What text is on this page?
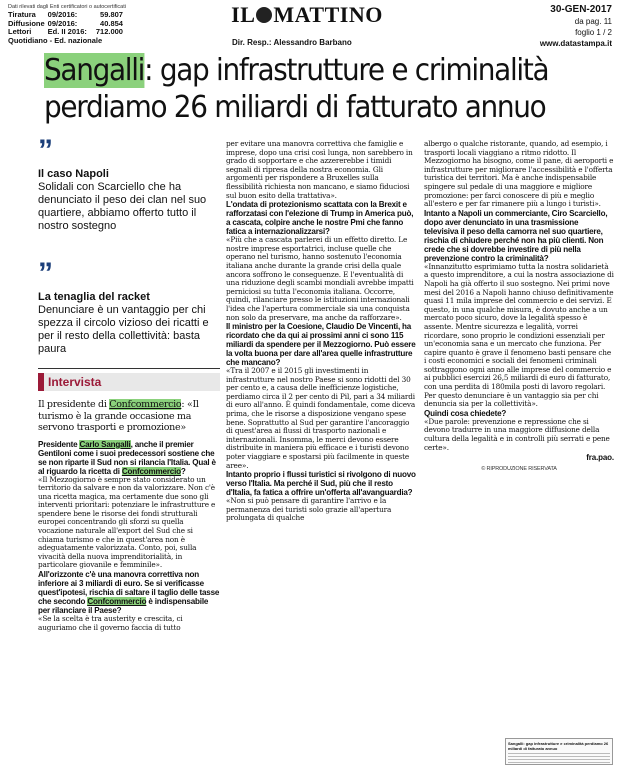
Dati rilevati dagli Enti certificatori o autocertificati
Tiratura	09/2016:	59.807
Diffusione	09/2016:	40.854
Lettori	Ed. II 2016:	712.000
Quotidiano - Ed. nazionale		
IL MATTINO
Dir. Resp.: Alessandro Barbano
30-GEN-2017
da pag. 11
foglio 1 / 2
www.datastampa.it
Sangalli: gap infrastrutture e criminalità
perdiamo 26 miliardi di fatturato annuo
”
Il caso Napoli
Solidali con Scarciello che ha denunciato il peso dei clan nel suo quartiere, abbiamo offerto tutto il nostro sostegno
”
La tenaglia del racket
Denunciare è un vantaggio per chi spezza il circolo vizioso dei ricatti e per il resto della collettività: basta paura
Intervista
Il presidente di Confcommercio: «Il turismo è la grande occasione ma servono trasporti e promozione»

Presidente Carlo Sangalli, anche il premier Gentiloni come i suoi predecessori sostiene che se non riparte il Sud non si rilancia l'Italia. Qual è al riguardo la ricetta di Confcommercio?

«Il Mezzogiorno è sempre stato considerato un territorio da salvare e non da valorizzare. Non c'è una ricetta magica, ma certamente due sono gli interventi prioritari: potenziare le infrastrutture e spendere bene le risorse dei fondi strutturali europei concentrando gli sforzi su quella vocazione naturale all'export del Sud che si chiama turismo e che in quest'area non è adeguatamente valorizzata. Conto, poi, sulla vivacità della nuova imprenditorialità, in particolare giovanile e femminile».

All'orizzonte c'è una manovra correttiva non inferiore ai 3 miliardi di euro. Se si verificasse quest'ipotesi, rischia di saltare il taglio delle tasse che secondo Confcommercio è indispensabile per rilanciare il Paese?

«Se la scelta è tra austerity e crescita, ci auguriamo che il governo faccia di tutto

per evitare una manovra correttiva che famiglie e imprese, dopo una crisi così lunga, non sarebbero in grado di sopportare e che azzererebbe i timidi segnali di ripresa della nostra economia. Gli argomenti per rispondere a Bruxelles sulla flessibilità richiesta non mancano, e siamo fiduciosi sul buon esito della trattativa».

L'ondata di protezionismo scattata con la Brexit e rafforzatasi con l'elezione di Trump in America può, a cascata, colpire anche le nostre Pmi che fanno fatica a internazionalizzarsi?

«Più che a cascata parlerei di un effetto diretto. Le nostre imprese esportatrici, incluse quelle che operano nel turismo, hanno sostenuto l'economia italiana anche durante la grande crisi della quale ancora soffrono le conseguenze. E l'eventualità di una riduzione degli scambi mondiali avrebbe impatti perniciosi su tutta l'economia italiana. Occorre, quindi, rilanciare presso le istituzioni internazionali l'idea che l'apertura commerciale sia una conquista non solo da preservare, ma anche da rafforzare».

Il ministro per la Coesione, Claudio De Vincenti, ha ricordato che da qui ai prossimi anni ci sono 115 miliardi da spendere per il Mezzogiorno. Può essere la volta buona per dare all'area quelle infrastrutture che mancano?

«Tra il 2007 e il 2015 gli investimenti in infrastrutture nel nostro Paese si sono ridotti del 30 per cento e, a causa delle inefficienze logistiche, perdiamo circa il 2 per cento di Pil, pari a 34 miliardi di euro all'anno. È quindi fondamentale, come diceva prima, che le risorse a disposizione vengano spese bene. Soprattutto al Sud per garantire l'ancoraggio di quest'area ai flussi di trasporto nazionali e internazionali. Insomma, le merci devono essere distribuite in maniera più efficace e i turisti devono poter viaggiare e spostarsi più facilmente in queste aree».

Intanto proprio i flussi turistici si rivolgono di nuovo verso l'Italia. Ma perché il Sud, più che il resto d'Italia, fa fatica a offrire un'offerta all'avanguardia?

«Non si può pensare di garantire l'arrivo e la permanenza dei turisti solo grazie all'apertura prolungata di qualche

albergo o qualche ristorante, quando, ad esempio, i trasporti locali viaggiano a ritmo ridotto. Il Mezzogiorno ha bisogno, come il pane, di aeroporti e infrastrutture per migliorare l'accessibilità e l'offerta turistica dei territori. Ma è anche indispensabile spingere sul pedale di una maggiore e migliore promozione: per farci conoscere di più e meglio all'estero e per far rimanere più a lungo i turisti».

Intanto a Napoli un commerciante, Ciro Scarciello, dopo aver denunciato in una trasmissione televisiva il peso della camorra nel suo quartiere, rischia di chiudere perché non ha più clienti. Non crede che si dovrebbe investire di più nella prevenzione contro la criminalità?

«Innanzitutto esprimiamo tutta la nostra solidarietà a questo imprenditore, a cui la nostra associazione di Napoli ha già offerto il suo sostegno. Nei primi nove mesi del 2016 a Napoli hanno chiuso definitivamente quasi 11 mila imprese del commercio e dei servizi. E questo, in una qualche misura, è dovuto anche a un mercato poco sicuro, dove la legalità spesso è assente. Mentre sicurezza e legalità, vorrei ricordare, sono proprio le condizioni essenziali per un'economia sana e un mercato che funziona. Per capire quanto è grave il fenomeno basti pensare che i costi economici e sociali dei fenomeni criminali sottraggono ogni anno alle imprese del commercio e ai pubblici esercizi 26,5 miliardi di euro di fatturato, con una perdita di 180mila posti di lavoro regolari. Per questo denunciare è un vantaggio sia per chi denuncia sia per la collettività».

Quindi cosa chiedete?

«Due parole: prevenzione e repressione che si devono tradurre in una maggiore diffusione della cultura della legalità e in controlli più serrati e pene certe».

fra.pao.
© RIPRODUZIONE RISERVATA
Sangalli: gap infrastrutture e criminalità perdiamo 26 miliardi di fatturato annuo
